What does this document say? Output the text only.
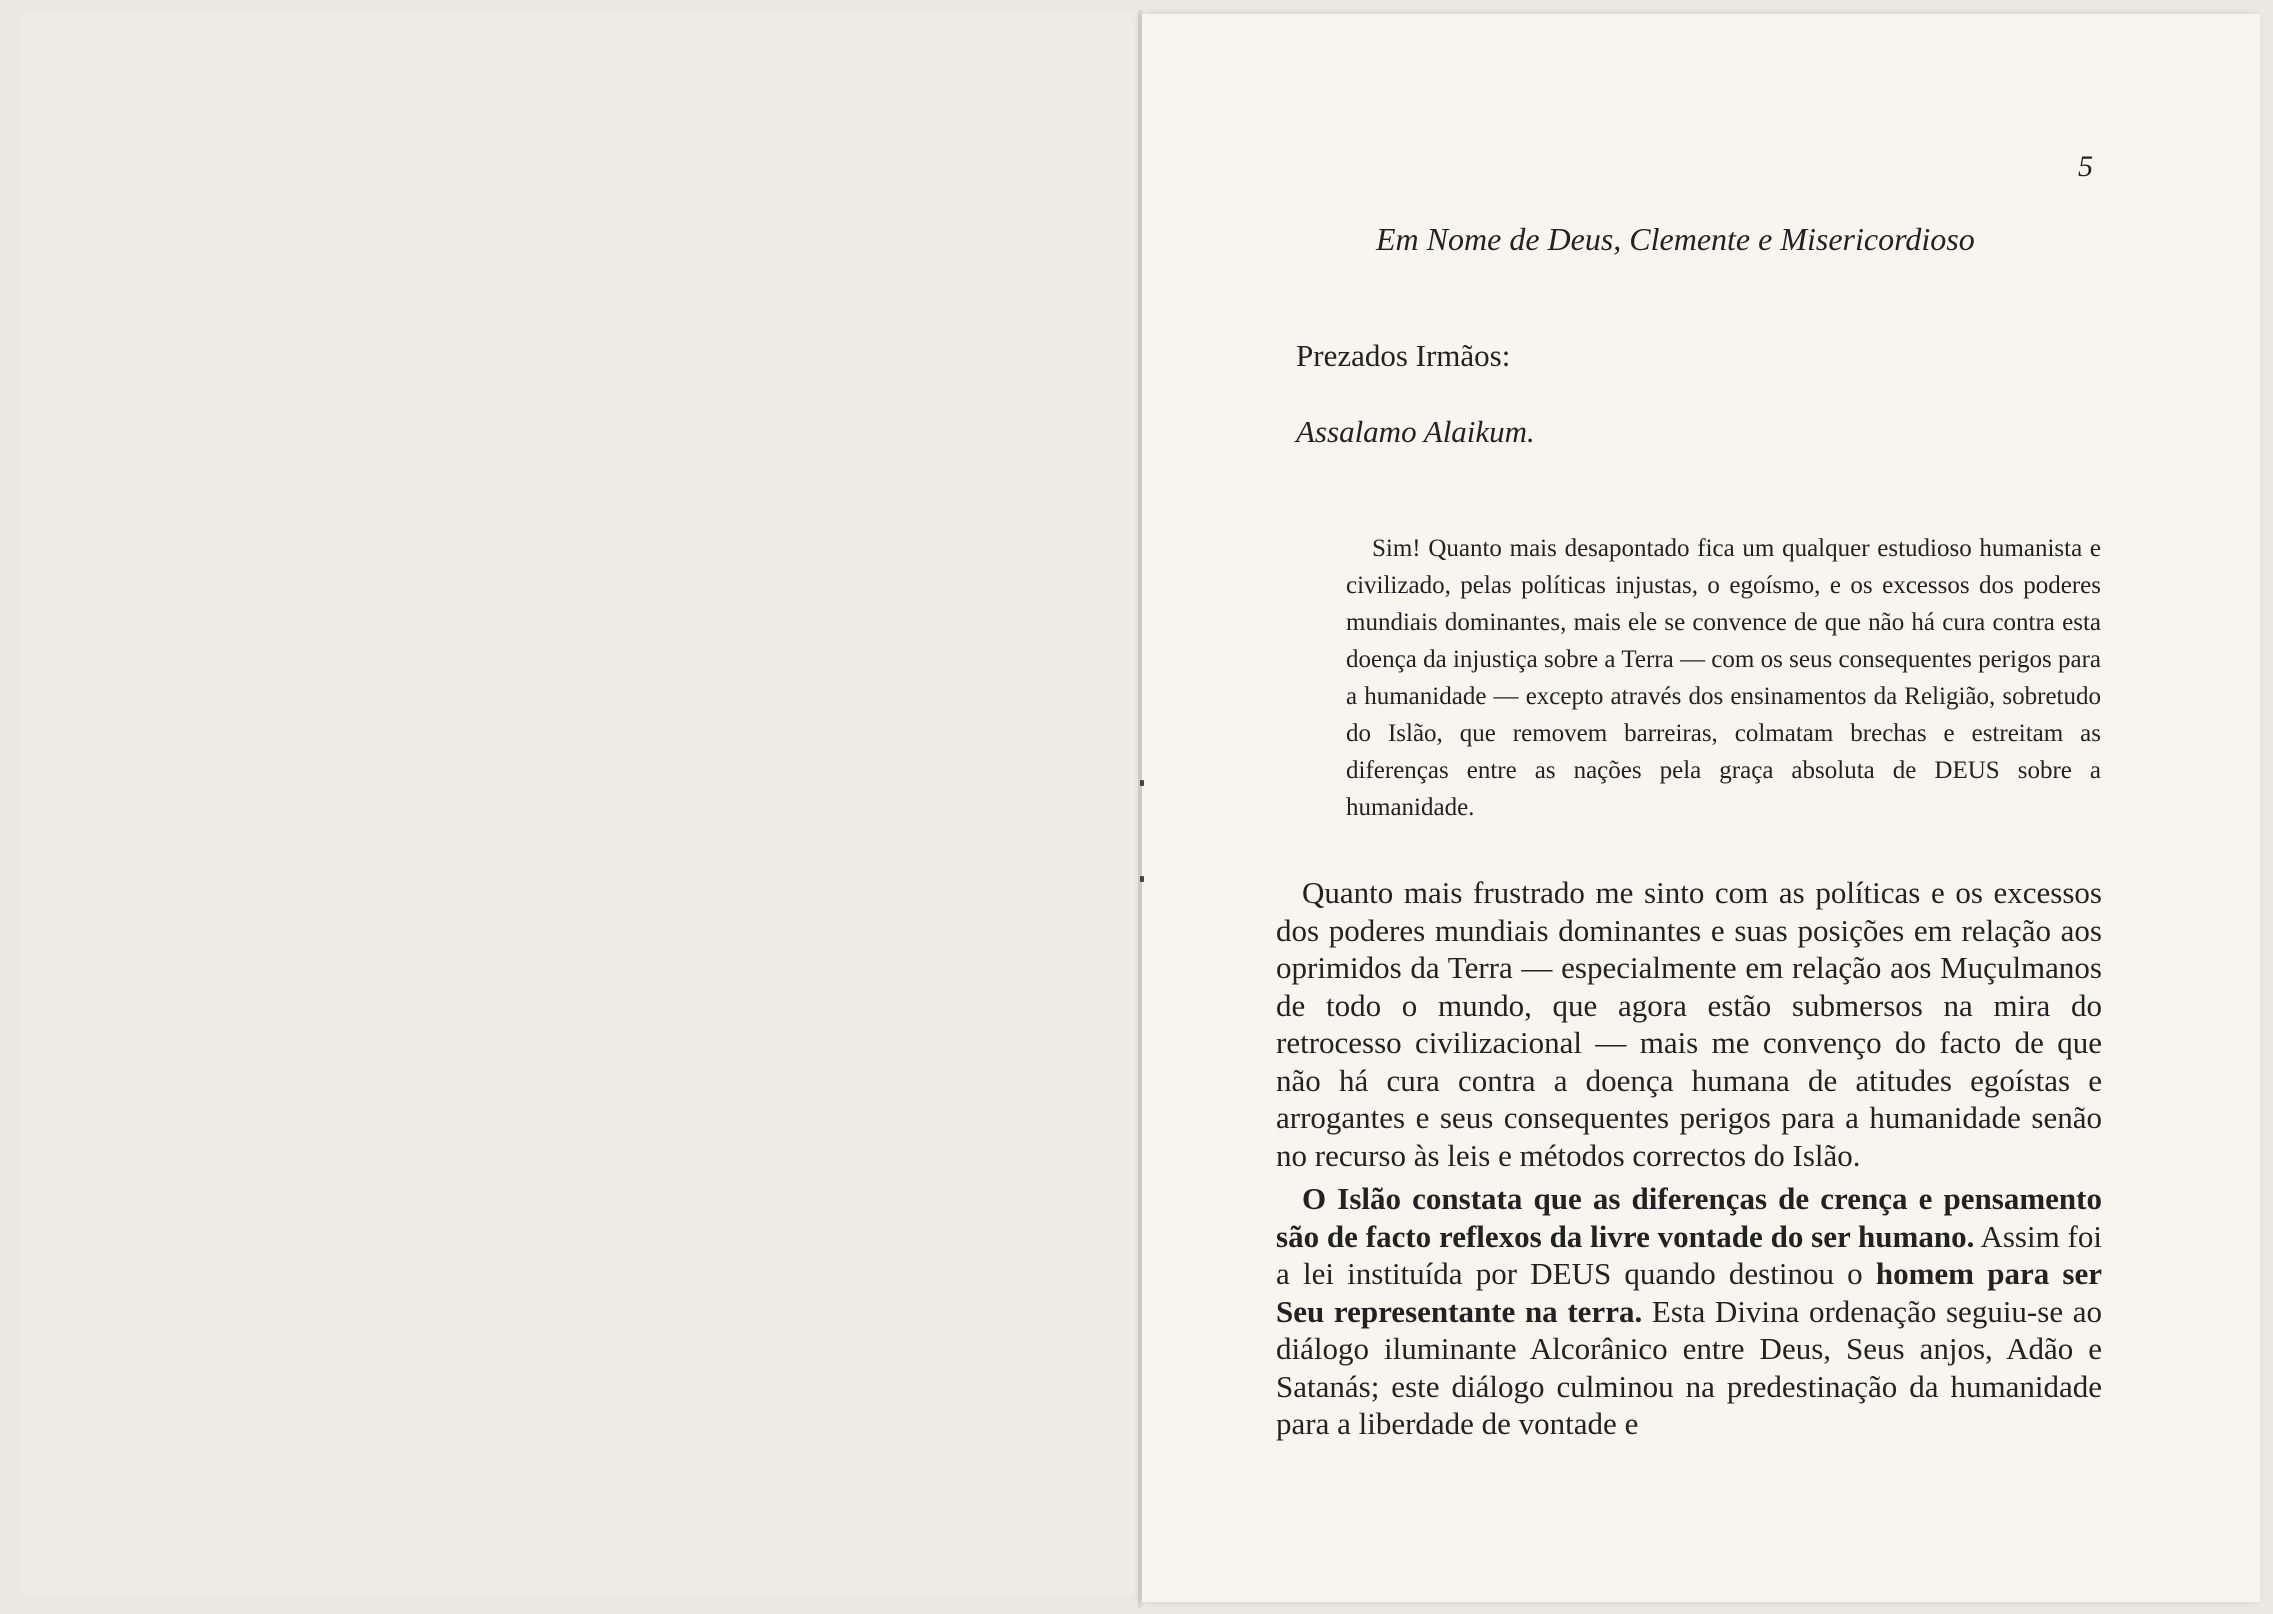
5
Em Nome de Deus, Clemente e Misericordioso
Prezados Irmãos:
Assalamo Alaikum.
Sim! Quanto mais desapontado fica um qualquer estudioso humanista e civilizado, pelas políticas injustas, o egoísmo, e os excessos dos poderes mundiais dominantes, mais ele se convence de que não há cura contra esta doença da injustiça sobre a Terra — com os seus consequentes perigos para a humanidade — excepto através dos ensinamentos da Religião, sobretudo do Islão, que removem barreiras, colmatam brechas e estreitam as diferenças entre as nações pela graça absoluta de DEUS sobre a humanidade.

Quanto mais frustrado me sinto com as políticas e os excessos dos poderes mundiais dominantes e suas posições em relação aos oprimidos da Terra — especialmente em relação aos Muçulmanos de todo o mundo, que agora estão submersos na mira do retrocesso civilizacional — mais me convenço do facto de que não há cura contra a doença humana de atitudes egoístas e arrogantes e seus consequentes perigos para a humanidade senão no recurso às leis e métodos correctos do Islão.

O Islão constata que as diferenças de crença e pensamento são de facto reflexos da livre vontade do ser humano. Assim foi a lei instituída por DEUS quando destinou o homem para ser Seu representante na terra. Esta Divina ordenação seguiu-se ao diálogo iluminante Alcorânico entre Deus, Seus anjos, Adão e Satanás; este diálogo culminou na predestinação da humanidade para a liberdade de vontade e
